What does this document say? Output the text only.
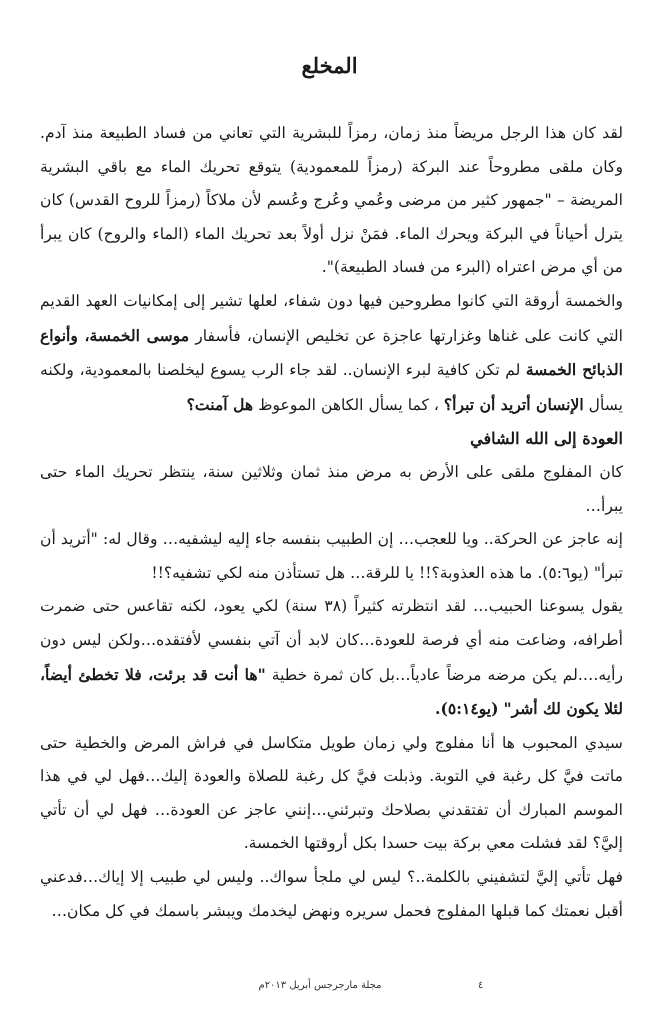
المخلع

لقد كان هذا الرجل مريضاً منذ زمان، رمزاً للبشرية التي تعاني من فساد الطبيعة منذ آدم. وكان ملقى مطروحاً عند البركة (رمزاً للمعمودية) يتوقع تحريك الماء مع باقي البشرية المريضة – "جمهور كثير من مرضى وعُمي وعُرج وعُسم لأن ملاكاً (رمزاً للروح القدس) كان يترل أحياناً في البركة ويحرك الماء. فمَنْ نزل أولاً بعد تحريك الماء (الماء والروح) كان يبرأ من أي مرض اعتراه (البرء من فساد الطبيعة)".

والخمسة أروقة التي كانوا مطروحين فيها دون شفاء، لعلها تشير إلى إمكانيات العهد القديم التي كانت على غناها وغزارتها عاجزة عن تخليص الإنسان، فأسفار موسى الخمسة، وأنواع الذبائح الخمسة لم تكن كافية لبرء الإنسان.. لقد جاء الرب يسوع ليخلصنا بالمعمودية، ولكنه يسأل الإنسان أتريد أن تبرأ؟ ، كما يسأل الكاهن الموعوظ هل آمنت؟

العودة إلى الله الشافي

كان المفلوج ملقى على الأرض به مرض منذ ثمان وثلاثين سنة، ينتظر تحريك الماء حتى يبرأ…

إنه عاجز عن الحركة.. ويا للعجب… إن الطبيب بنفسه جاء إليه ليشفيه… وقال له: "أتريد أن تبرأ" (يو٥:٦). ما هذه العذوبة؟!! يا للرقة… هل تستأذن منه لكي تشفيه؟!!

يقول يسوعنا الحبيب… لقد انتظرته كثيراً (٣٨ سنة) لكي يعود، لكنه تقاعس حتى ضمرت أطرافه، وضاعت منه أي فرصة للعودة…كان لابد أن آتي بنفسي لأفتقده…ولكن ليس دون رأيه….لم يكن مرضه مرضاً عادياً…بل كان ثمرة خطية "ها أنت قد برئت، فلا تخطئ أيضاً، لئلا يكون لك أشر" (يو٥:١٤).

سيدي المحبوب ها أنا مفلوج ولي زمان طويل متكاسل في فراش المرض والخطية حتى ماتت فيَّ كل رغبة في التوبة. وذبلت فيَّ كل رغبة للصلاة والعودة إليك…فهل لي في هذا الموسم المبارك أن تفتقدني بصلاحك وتبرئني…إنني عاجز عن العودة… فهل لي أن تأتي إليَّ؟ لقد فشلت معي بركة بيت حسدا بكل أروقتها الخمسة.

فهل تأتي إليَّ لتشفيني بالكلمة..؟ ليس لي ملجأ سواك.. وليس لي طبيب إلا إياك…فدعني أقبل نعمتك كما قبلها المفلوج فحمل سريره ونهض ليخدمك ويبشر باسمك في كل مكان…

مجلة مارجرجس أبريل ٢٠١٣م	٤
